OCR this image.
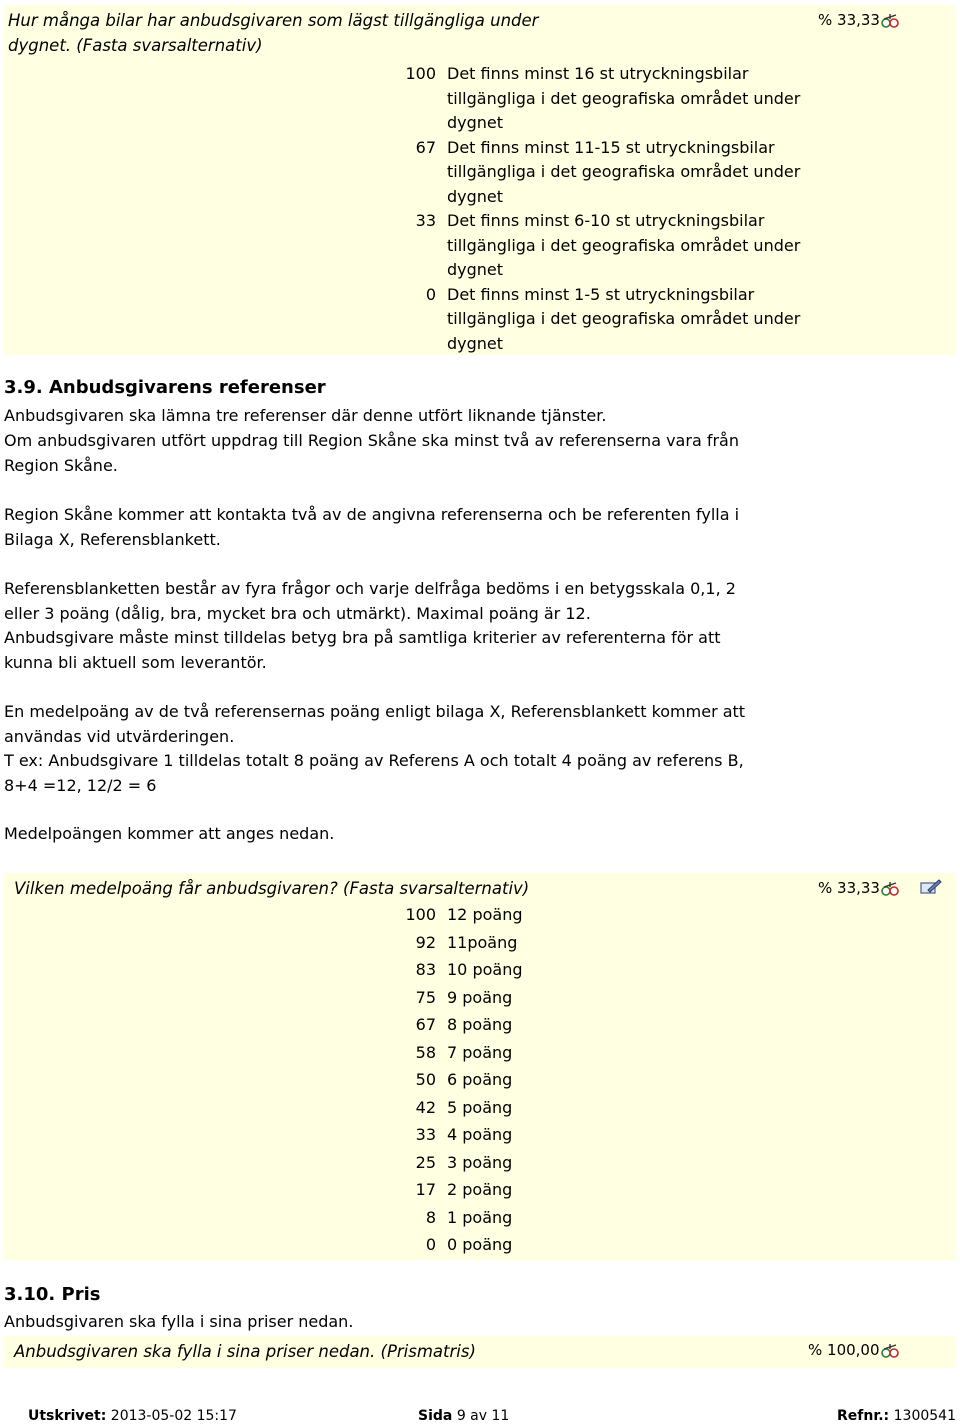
Hur många bilar har anbudsgivaren som lägst tillgängliga under
dygnet. (Fasta svarsalternativ)
% 33,33
100 Det finns minst 16 st utryckningsbilar
tillgängliga i det geografiska området under
dygnet
67 Det finns minst 11-15 st utryckningsbilar
tillgängliga i det geografiska området under
dygnet
33 Det finns minst 6-10 st utryckningsbilar
tillgängliga i det geografiska området under
dygnet
0 Det finns minst 1-5 st utryckningsbilar
tillgängliga i det geografiska området under
dygnet
3.9. Anbudsgivarens referenser
Anbudsgivaren ska lämna tre referenser där denne utfört liknande tjänster.
Om anbudsgivaren utfört uppdrag till Region Skåne ska minst två av referenserna vara från
Region Skåne.
Region Skåne kommer att kontakta två av de angivna referenserna och be referenten fylla i
Bilaga X, Referensblankett.
Referensblanketten består av fyra frågor och varje delfråga bedöms i en betygsskala 0,1, 2
eller 3 poäng (dålig, bra, mycket bra och utmärkt). Maximal poäng är 12.
Anbudsgivare måste minst tilldelas betyg bra på samtliga kriterier av referenterna för att
kunna bli aktuell som leverantör.
En medelpoäng av de två referensernas poäng enligt bilaga X, Referensblankett kommer att
användas vid utvärderingen.
T ex: Anbudsgivare 1 tilldelas totalt 8 poäng av Referens A och totalt 4 poäng av referens B,
8+4 =12, 12/2 = 6
Medelpoängen kommer att anges nedan.
Vilken medelpoäng får anbudsgivaren? (Fasta svarsalternativ)	% 33,33
100 12 poäng
92 11poäng
83 10 poäng
75 9 poäng
67 8 poäng
58 7 poäng
50 6 poäng
42 5 poäng
33 4 poäng
25 3 poäng
17 2 poäng
8 1 poäng
0 0 poäng
3.10. Pris
Anbudsgivaren ska fylla i sina priser nedan.
Anbudsgivaren ska fylla i sina priser nedan. (Prismatris)	% 100,00
Utskrivet: 2013-05-02 15:17	Sida 9 av 11	Refnr.: 1300541
